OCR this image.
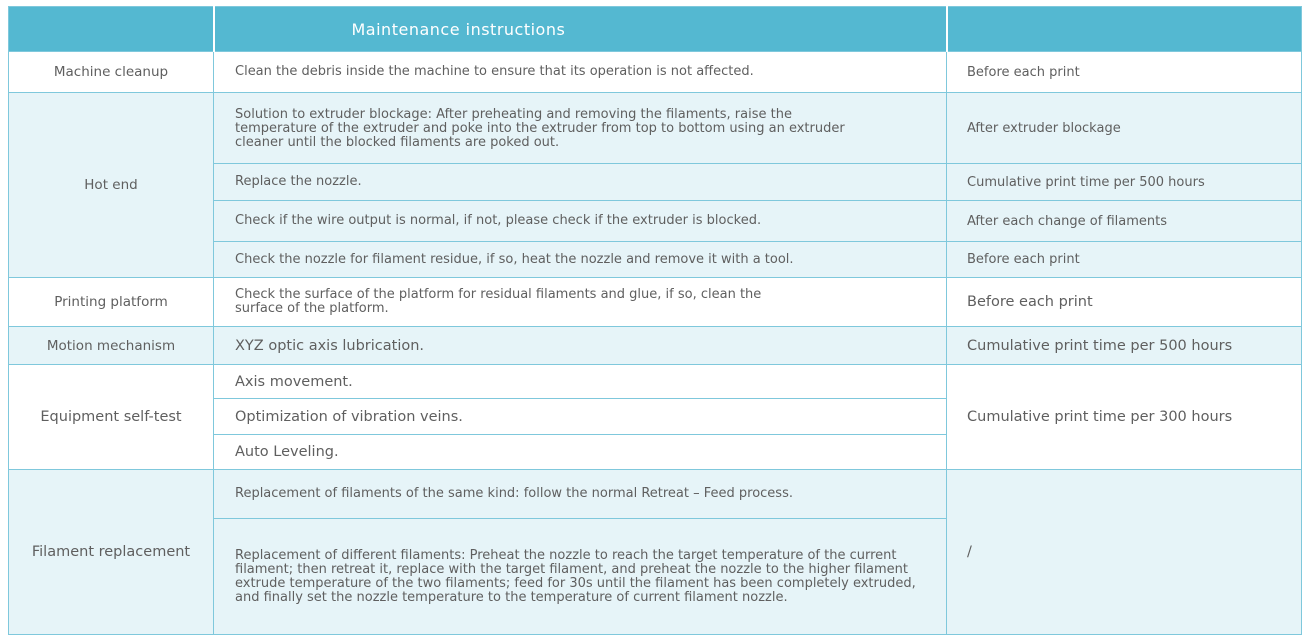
	Maintenance instructions	
Machine cleanup	Clean the debris inside the machine to ensure that its operation is not affected.	Before each print
Hot end	Solution to extruder blockage: After preheating and removing the filaments, raise the temperature of the extruder and poke into the extruder from top to bottom using an extruder cleaner until the blocked filaments are poked out.	After extruder blockage
	Replace the nozzle.	Cumulative print time per 500 hours
	Check if the wire output is normal, if not, please check if the extruder is blocked.	After each change of filaments
	Check the nozzle for filament residue, if so, heat the nozzle and remove it with a tool.	Before each print
Printing platform	Check the surface of the platform for residual filaments and glue, if so, clean the surface of the platform.	Before each print
Motion mechanism	XYZ optic axis lubrication.	Cumulative print time per 500 hours
Equipment self-test	Axis movement.	Cumulative print time per 300 hours
	Optimization of vibration veins.	
	Auto Leveling.	
Filament replacement	Replacement of filaments of the same kind: follow the normal Retreat – Feed process.	/

	Replacement of different filaments: Preheat the nozzle to reach the target temperature of the current filament; then retreat it, replace with the target filament, and preheat the nozzle to the higher filament extrude temperature of the two filaments; feed for 30s until the filament has been completely extruded, and finally set the nozzle temperature to the temperature of current filament nozzle.	
